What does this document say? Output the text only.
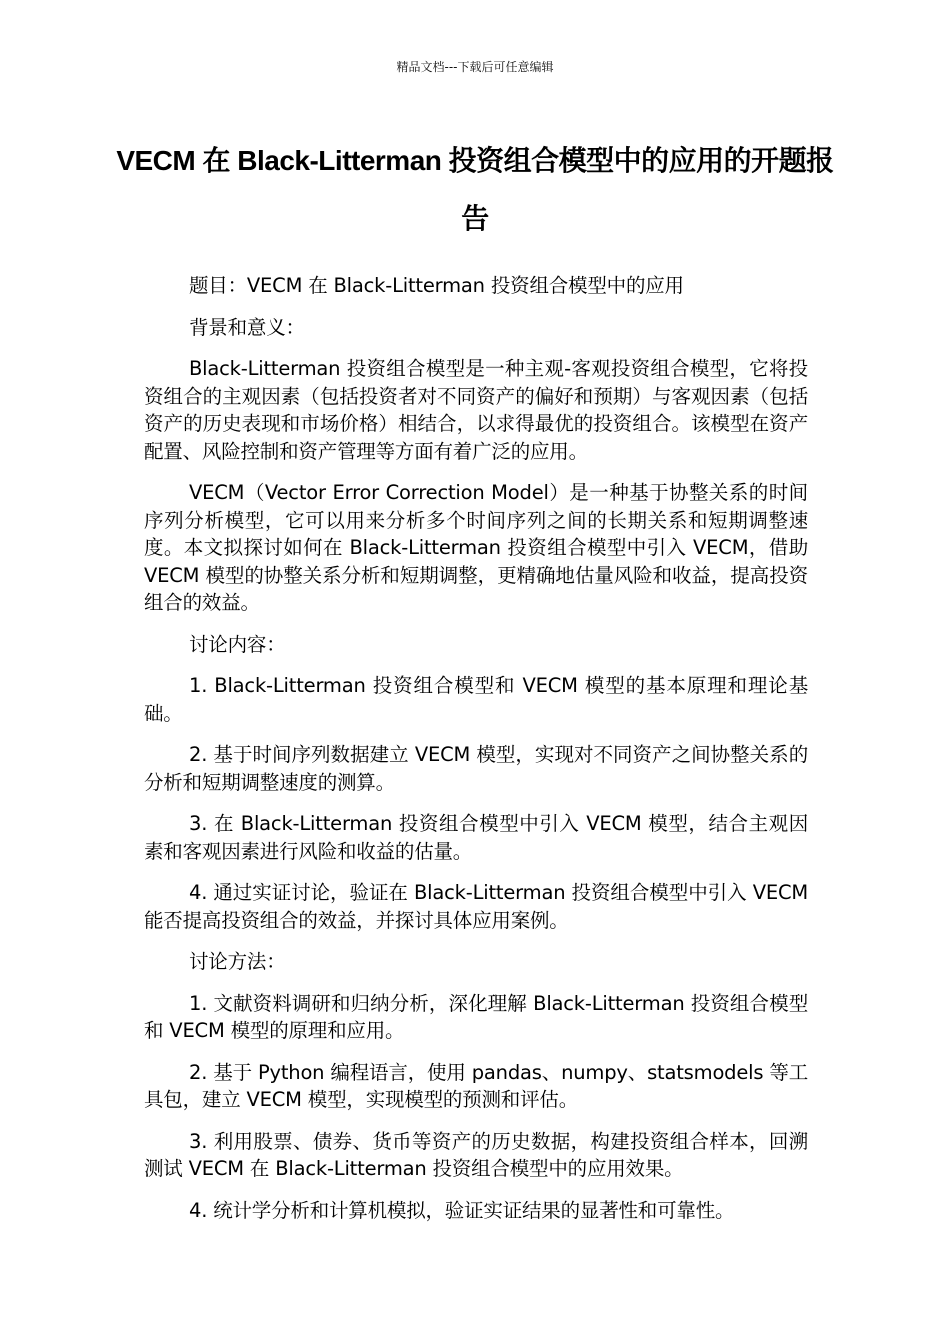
精品文档---下载后可任意编辑
VECM 在 Black-Litterman 投资组合模型中的应用的开题报告

题目：VECM 在 Black-Litterman 投资组合模型中的应用

背景和意义：

Black-Litterman 投资组合模型是一种主观-客观投资组合模型，它将投资组合的主观因素（包括投资者对不同资产的偏好和预期）与客观因素（包括资产的历史表现和市场价格）相结合，以求得最优的投资组合。该模型在资产配置、风险控制和资产管理等方面有着广泛的应用。

VECM（Vector Error Correction Model）是一种基于协整关系的时间序列分析模型，它可以用来分析多个时间序列之间的长期关系和短期调整速度。本文拟探讨如何在 Black-Litterman 投资组合模型中引入 VECM，借助 VECM 模型的协整关系分析和短期调整，更精确地估量风险和收益，提高投资组合的效益。

讨论内容：

1. Black-Litterman 投资组合模型和 VECM 模型的基本原理和理论基础。

2. 基于时间序列数据建立 VECM 模型，实现对不同资产之间协整关系的分析和短期调整速度的测算。

3. 在 Black-Litterman 投资组合模型中引入 VECM 模型，结合主观因素和客观因素进行风险和收益的估量。

4. 通过实证讨论，验证在 Black-Litterman 投资组合模型中引入 VECM 能否提高投资组合的效益，并探讨具体应用案例。

讨论方法：

1. 文献资料调研和归纳分析，深化理解 Black-Litterman 投资组合模型和 VECM 模型的原理和应用。

2. 基于 Python 编程语言，使用 pandas、numpy、statsmodels 等工具包，建立 VECM 模型，实现模型的预测和评估。

3. 利用股票、债券、货币等资产的历史数据，构建投资组合样本，回溯测试 VECM 在 Black-Litterman 投资组合模型中的应用效果。

4. 统计学分析和计算机模拟，验证实证结果的显著性和可靠性。
